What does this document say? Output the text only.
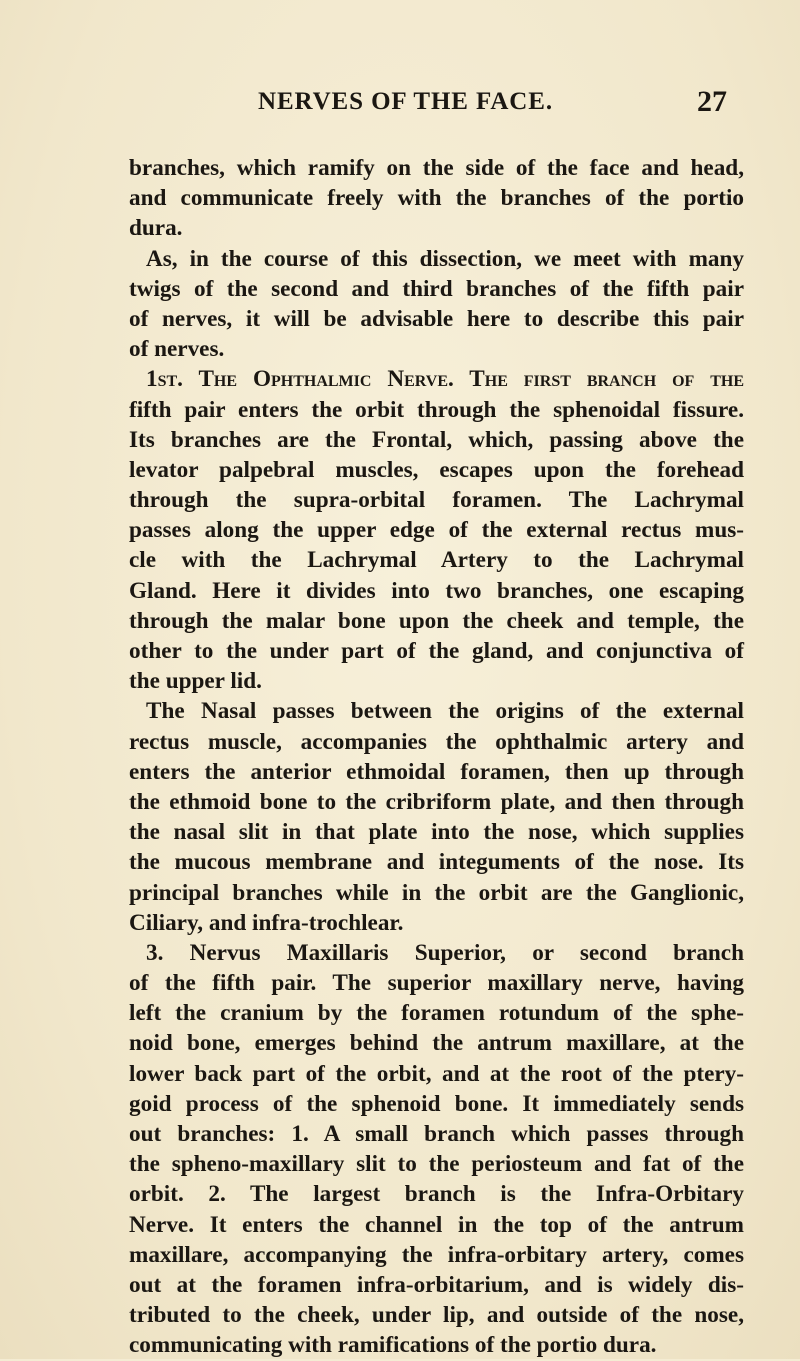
NERVES OF THE FACE.	27
branches, which ramify on the side of the face and head,
and communicate freely with the branches of the portio
dura.
As, in the course of this dissection, we meet with many
twigs of the second and third branches of the fifth pair
of nerves, it will be advisable here to describe this pair
of nerves.
1st. The Ophthalmic Nerve. The first branch of the
fifth pair enters the orbit through the sphenoidal fissure.
Its branches are the Frontal, which, passing above the
levator palpebral muscles, escapes upon the forehead
through the supra-orbital foramen. The Lachrymal
passes along the upper edge of the external rectus mus-
cle with the Lachrymal Artery to the Lachrymal
Gland. Here it divides into two branches, one escaping
through the malar bone upon the cheek and temple, the
other to the under part of the gland, and conjunctiva of
the upper lid.
The Nasal passes between the origins of the external
rectus muscle, accompanies the ophthalmic artery and
enters the anterior ethmoidal foramen, then up through
the ethmoid bone to the cribriform plate, and then through
the nasal slit in that plate into the nose, which supplies
the mucous membrane and integuments of the nose. Its
principal branches while in the orbit are the Ganglionic,
Ciliary, and infra-trochlear.
3. Nervus Maxillaris Superior, or second branch
of the fifth pair. The superior maxillary nerve, having
left the cranium by the foramen rotundum of the sphe-
noid bone, emerges behind the antrum maxillare, at the
lower back part of the orbit, and at the root of the ptery-
goid process of the sphenoid bone. It immediately sends
out branches: 1. A small branch which passes through
the spheno-maxillary slit to the periosteum and fat of the
orbit. 2. The largest branch is the Infra-Orbitary
Nerve. It enters the channel in the top of the antrum
maxillare, accompanying the infra-orbitary artery, comes
out at the foramen infra-orbitarium, and is widely dis-
tributed to the cheek, under lip, and outside of the nose,
communicating with ramifications of the portio dura.
